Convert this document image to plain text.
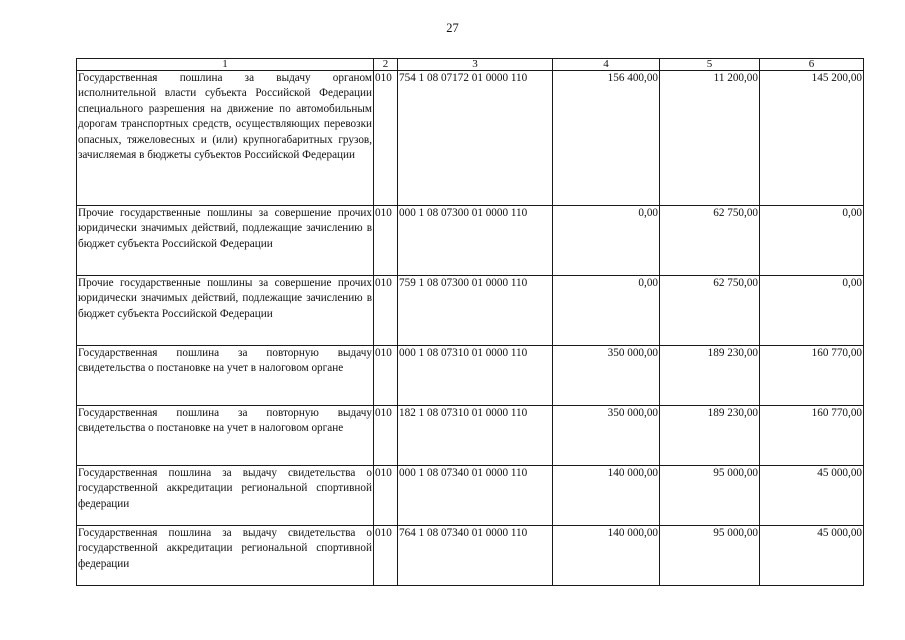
27
1	2	3	4	5	6
Государственная пошлина за выдачу органом исполнительной власти субъекта Российской Федерации специального разрешения на движение по автомобильным дорогам транспортных средств, осуществляющих перевозки опасных, тяжеловесных и (или) крупногабаритных грузов, зачисляемая в бюджеты субъектов Российской Федерации	010	754 1 08 07172 01 0000 110	156 400,00	11 200,00	145 200,00
Прочие государственные пошлины за совершение прочих юридически значимых действий, подлежащие зачислению в бюджет субъекта Российской Федерации	010	000 1 08 07300 01 0000 110	0,00	62 750,00	0,00
Прочие государственные пошлины за совершение прочих юридически значимых действий, подлежащие зачислению в бюджет субъекта Российской Федерации	010	759 1 08 07300 01 0000 110	0,00	62 750,00	0,00
Государственная пошлина за повторную выдачу свидетельства о постановке на учет в налоговом органе	010	000 1 08 07310 01 0000 110	350 000,00	189 230,00	160 770,00
Государственная пошлина за повторную выдачу свидетельства о постановке на учет в налоговом органе	010	182 1 08 07310 01 0000 110	350 000,00	189 230,00	160 770,00
Государственная пошлина за выдачу свидетельства о государственной аккредитации региональной спортивной федерации	010	000 1 08 07340 01 0000 110	140 000,00	95 000,00	45 000,00
Государственная пошлина за выдачу свидетельства о государственной аккредитации региональной спортивной федерации	010	764 1 08 07340 01 0000 110	140 000,00	95 000,00	45 000,00
